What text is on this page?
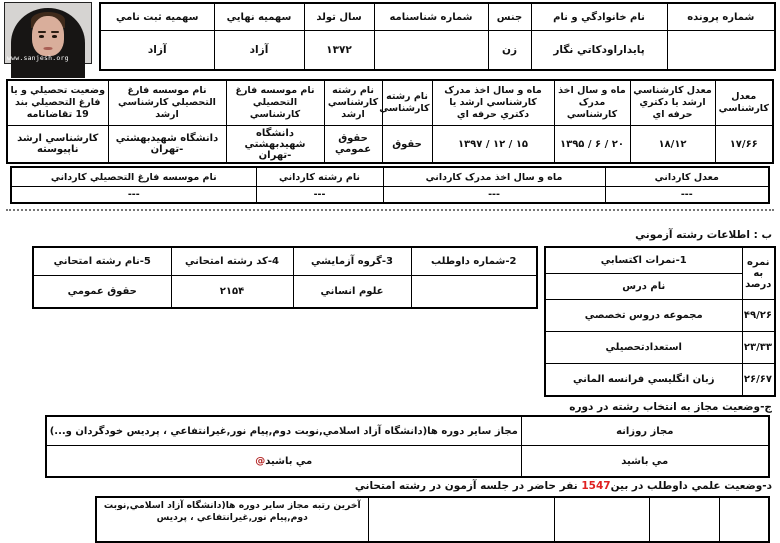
شماره پرونده	نام خانوادگي و نام	جنس	شماره شناسنامه	سال تولد	سهميه نهايي	سهميه ثبت نامي
	پايداراودکاتي نگار	زن		۱۳۷۲	آزاد	آزاد
www.sanjesh.org
معدل کارشناسي	معدل کارشناسي ارشد يا دکتري حرفه اي	ماه و سال اخذ مدرک کارشناسي	ماه و سال اخذ مدرک کارشناسي ارشد يا دکتري حرفه اي	نام رشته کارشناسي	نام رشته کارشناسي ارشد	نام موسسه فارغ التحصيلي کارشناسي	نام موسسه فارغ التحصيلي کارشناسي ارشد	وضعيت تحصيلي و يا فارغ التحصيلي بند 19 تقاضانامه
۱۷/۶۶	۱۸/۱۲	۲۰ / ۶ / ۱۳۹۵	۱۵ / ۱۲ / ۱۳۹۷	حقوق	حقوق عمومي	دانشگاه شهيدبهشتي -تهران	دانشگاه شهيدبهشتي -تهران	کارشناسي ارشد ناپيوسته
معدل کارداني	ماه و سال اخذ مدرک کارداني	نام رشته کارداني	نام موسسه فارغ التحصيلي کارداني
---	---	---	---
ب : اطلاعات رشته آزموني
نمره به درصد	1-نمرات اکتسابي
	نام درس
۴۹/۲۶	مجموعه دروس تخصصي
۲۳/۳۳	استعدادتحصيلي
۲۶/۶۷	زبان انگليسي فرانسه الماني
2-شماره داوطلب	3-گروه آزمايشي	4-کد رشته امتحاني	5-نام رشته امتحاني
	علوم انساني	۲۱۵۴	حقوق عمومي
ج-وضعيت مجاز به انتخاب رشته در دوره
مجاز روزانه	مجاز ساير دوره ها(دانشگاه آزاد اسلامي,نوبت دوم,پيام نور,غيرانتفاعي ، پرديس خودگردان و...)
مي باشيد	مي باشيد@
د-وضعيت علمي داوطلب در بين1547 نفر حاضر در جلسه آزمون در رشته امتحاني
				آخرين رتبه مجاز ساير دوره ها(دانشگاه آزاد اسلامي,نوبت دوم,پيام نور,غيرانتفاعي ، پرديس
